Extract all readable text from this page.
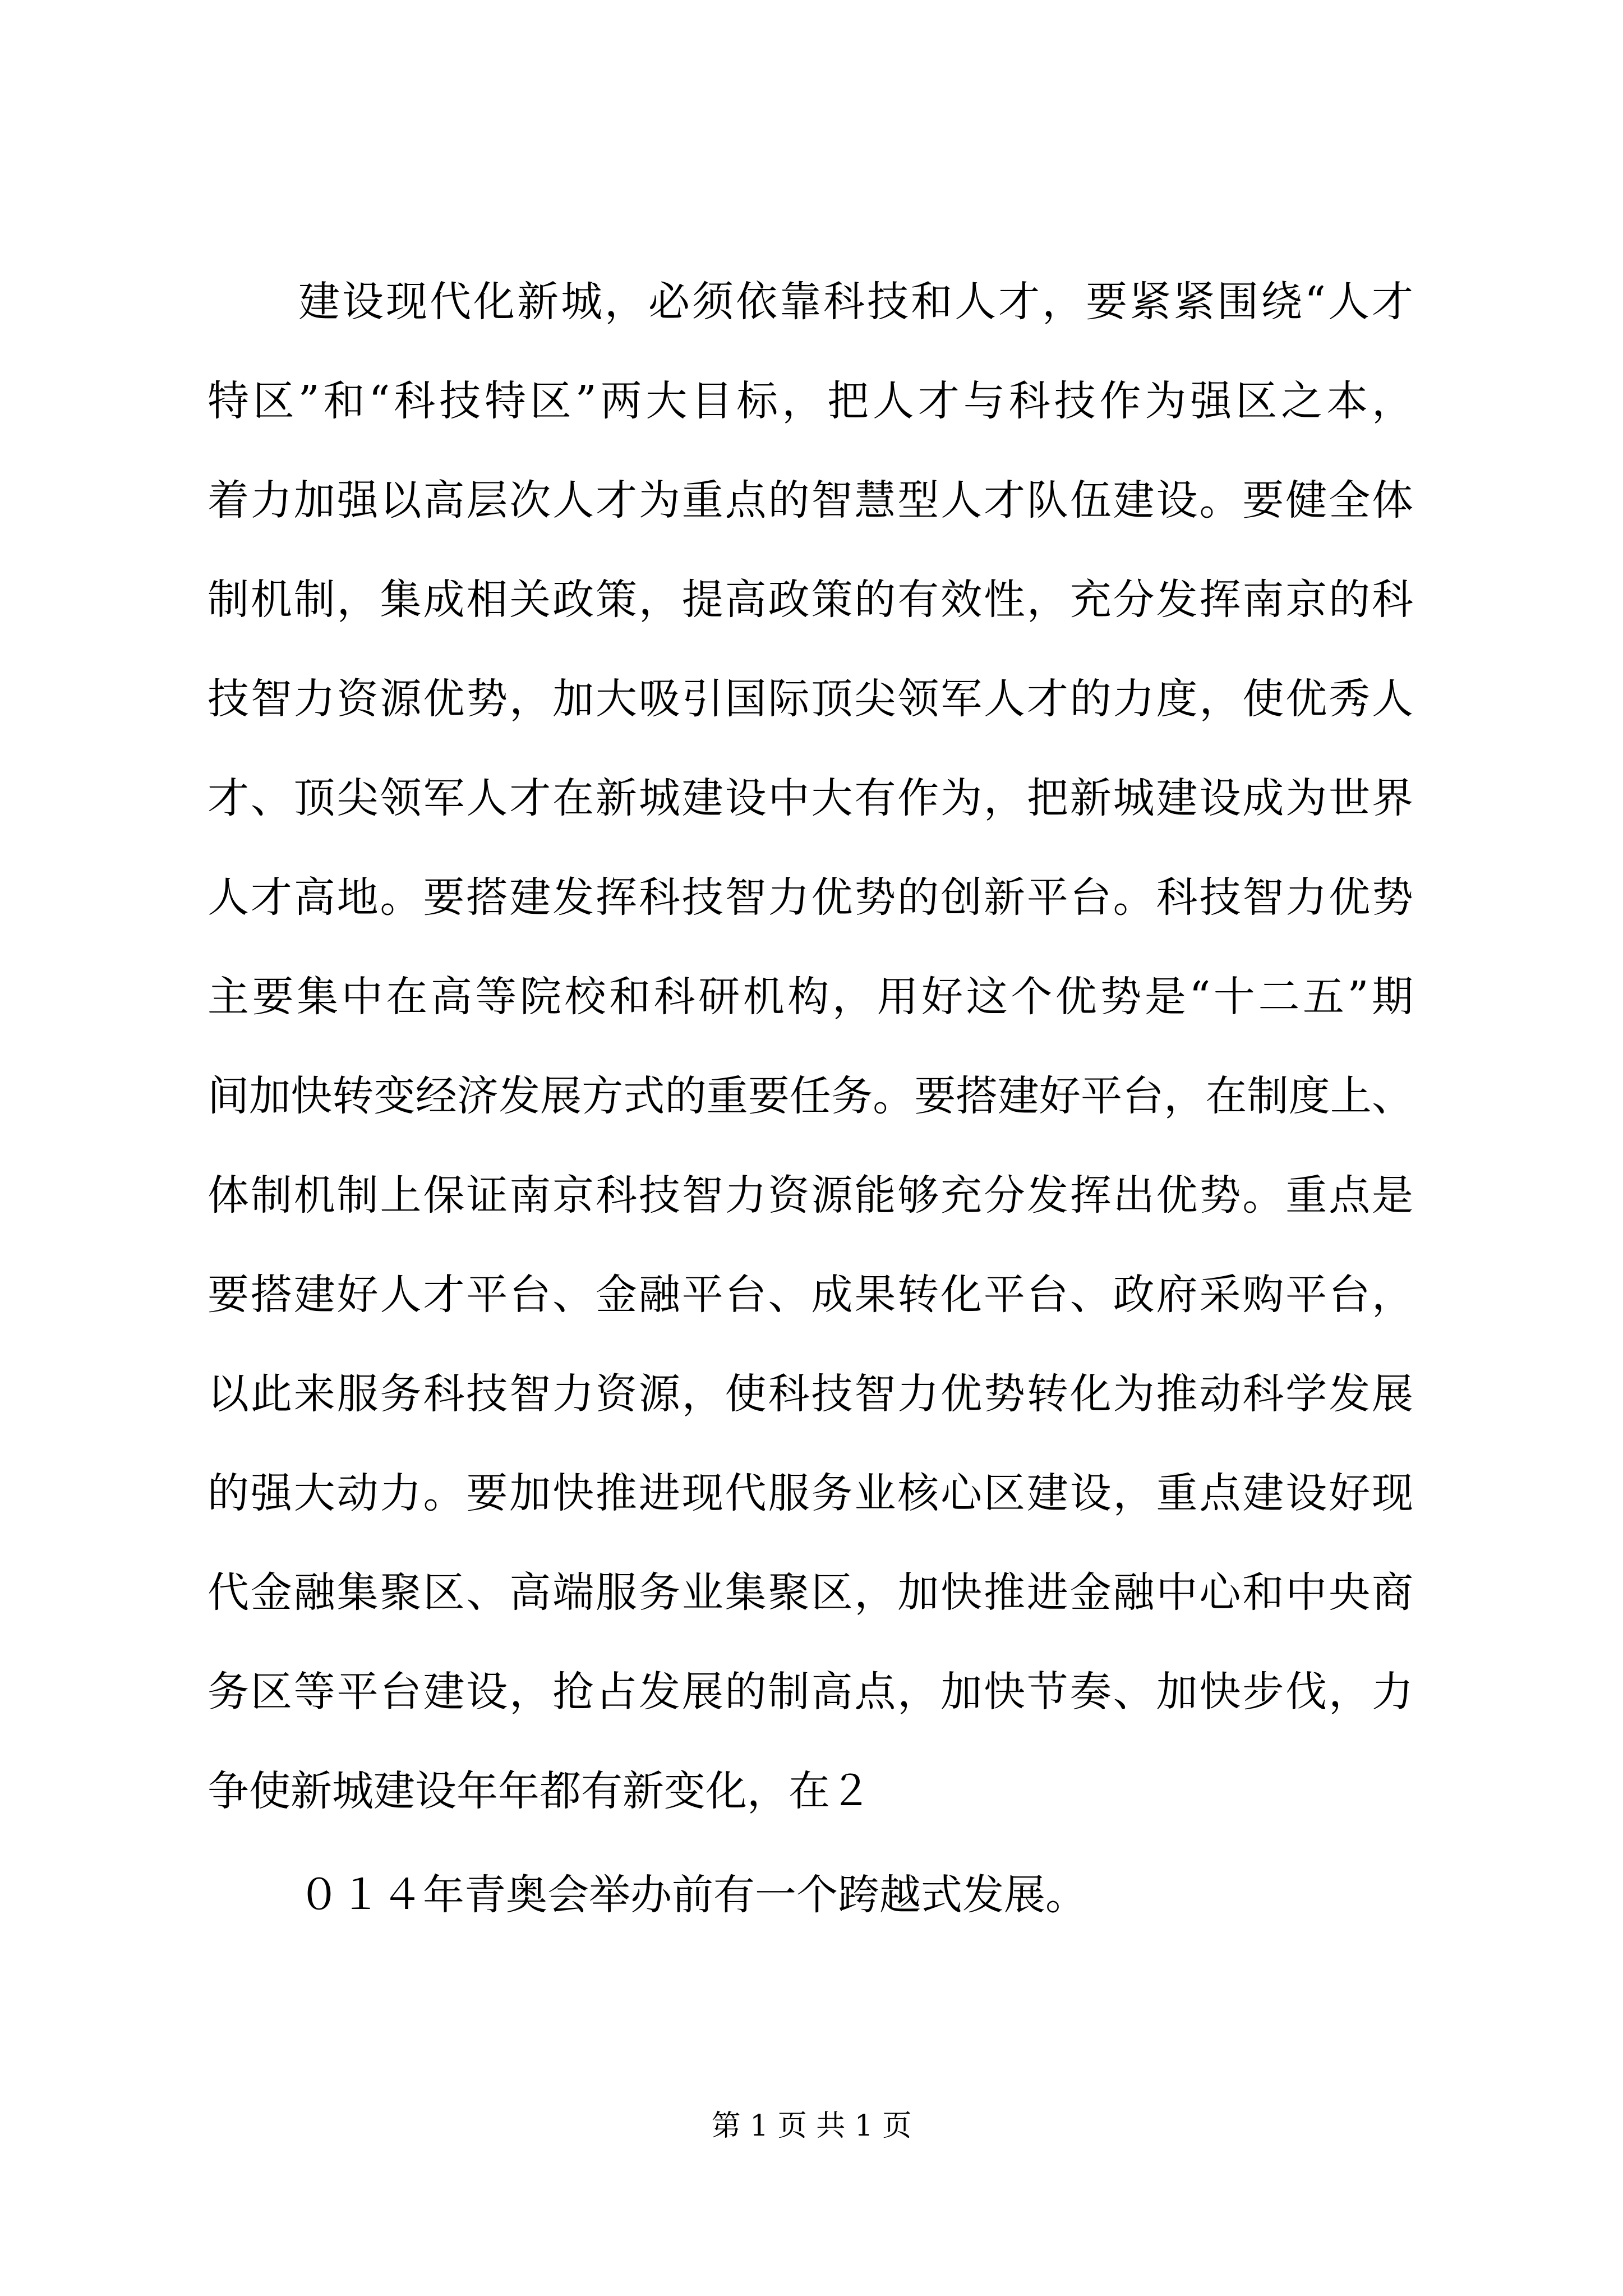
建设现代化新城，必须依靠科技和人才，要紧紧围绕“人才
特区”和“科技特区”两大目标，把人才与科技作为强区之本，
着力加强以高层次人才为重点的智慧型人才队伍建设。要健全体
制机制，集成相关政策，提高政策的有效性，充分发挥南京的科
技智力资源优势，加大吸引国际顶尖领军人才的力度，使优秀人
才、顶尖领军人才在新城建设中大有作为，把新城建设成为世界
人才高地。要搭建发挥科技智力优势的创新平台。科技智力优势
主要集中在高等院校和科研机构，用好这个优势是“十二五”期
间加快转变经济发展方式的重要任务。要搭建好平台，在制度上、
体制机制上保证南京科技智力资源能够充分发挥出优势。重点是
要搭建好人才平台、金融平台、成果转化平台、政府采购平台，
以此来服务科技智力资源，使科技智力优势转化为推动科学发展
的强大动力。要加快推进现代服务业核心区建设，重点建设好现
代金融集聚区、高端服务业集聚区，加快推进金融中心和中央商
务区等平台建设，抢占发展的制高点，加快节奏、加快步伐，力
争使新城建设年年都有新变化，在２
０１４年青奥会举办前有一个跨越式发展。
第 1 页 共 1 页
